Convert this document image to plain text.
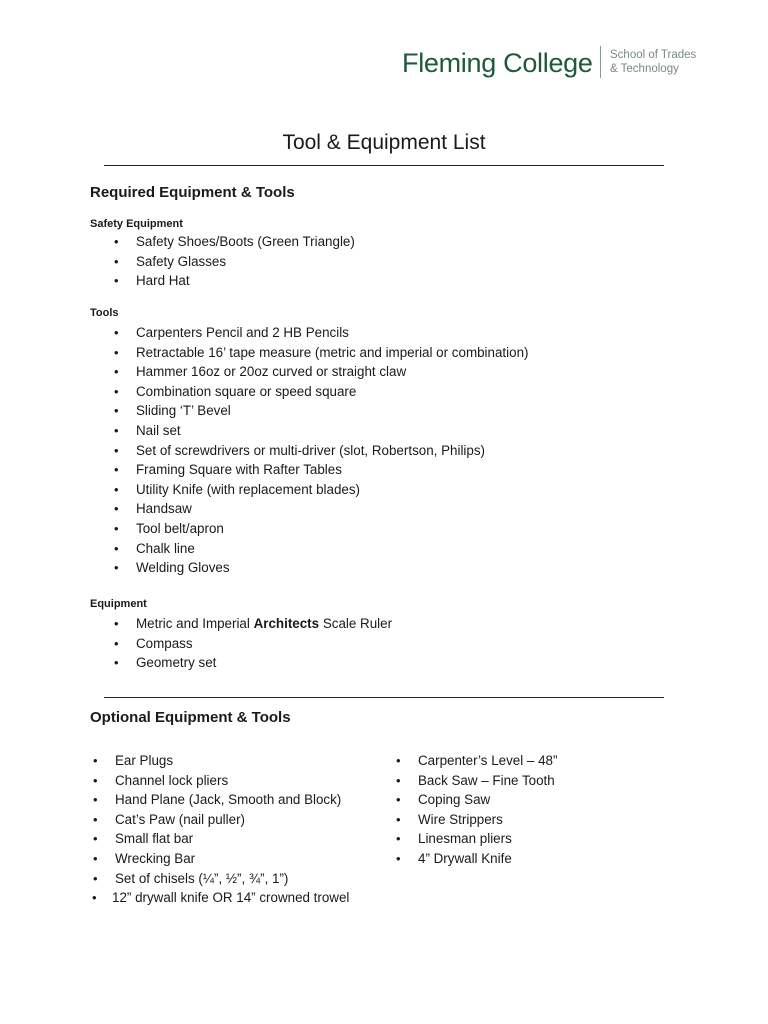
Fleming College School of Trades
& Technology
Tool & Equipment List
Required Equipment & Tools
Safety Equipment
• Safety Shoes/Boots (Green Triangle)
• Safety Glasses
• Hard Hat
Tools
• Carpenters Pencil and 2 HB Pencils
• Retractable 16’ tape measure (metric and imperial or combination)
• Hammer 16oz or 20oz curved or straight claw
• Combination square or speed square
• Sliding ‘T’ Bevel
• Nail set
• Set of screwdrivers or multi-driver (slot, Robertson, Philips)
• Framing Square with Rafter Tables
• Utility Knife (with replacement blades)
• Handsaw
• Tool belt/apron
• Chalk line
• Welding Gloves
Equipment
• Metric and Imperial Architects Scale Ruler
• Compass
• Geometry set
Optional Equipment & Tools
• Ear Plugs
• Channel lock pliers
• Hand Plane (Jack, Smooth and Block)
• Cat’s Paw (nail puller)
• Small flat bar
• Wrecking Bar
• Set of chisels (¼”, ½”, ¾”, 1”)
• 12” drywall knife OR 14” crowned trowel
• Carpenter’s Level – 48”
• Back Saw – Fine Tooth
• Coping Saw
• Wire Strippers
• Linesman pliers
• 4” Drywall Knife
